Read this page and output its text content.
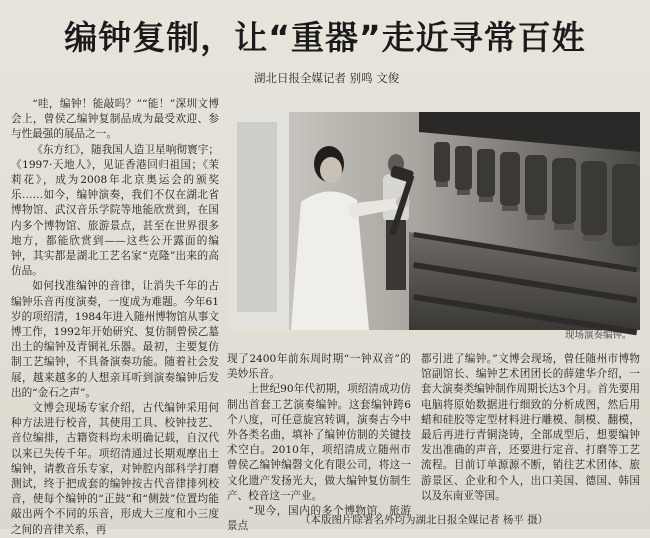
编钟复制，让“重器”走近寻常百姓
湖北日报全媒记者 别鸣 文俊

“哇，编钟！能敲吗？”“能！”深圳文博会上，曾侯乙编钟复制品成为最受欢迎、参与性最强的展品之一。

《东方红》，随我国人造卫星响彻寰宇；《1997·天地人》，见证香港回归祖国；《茉莉花》，成为2008年北京奥运会的颁奖乐……如今，编钟演奏，我们不仅在湖北省博物馆、武汉音乐学院等地能欣赏到，在国内多个博物馆、旅游景点，甚至在世界很多地方，都能欣赏到——这些公开露面的编钟，其实都是湖北工艺名家“克隆”出来的高仿品。

如何找准编钟的音律，让消失千年的古编钟乐音再度演奏，一度成为难题。今年61岁的项绍清，1984年进入随州博物馆从事文博工作，1992年开始研究、复仿制曾侯乙墓出土的编钟及青铜礼乐器。最初，主要复仿制工艺编钟，不具备演奏功能。随着社会发展，越来越多的人想亲耳听到演奏编钟后发出的“金石之声”。

文博会现场专家介绍，古代编钟采用何种方法进行校音，其使用工具、校钟技艺、音位编排，古籍资料均未明确记载，自汉代以来已失传千年。项绍清通过长期观摩出土编钟，请教音乐专家，对钟腔内部科学打磨测试，终于把成套的编钟按古代音律排列校音，使每个编钟的“正鼓”和“侧鼓”位置均能敲出两个不同的乐音，形成大三度和小三度之间的音律关系，再

现场演奏编钟。

现了2400年前东周时期“一钟双音”的美妙乐音。

上世纪90年代初期，项绍清成功仿制出首套工艺演奏编钟。这套编钟跨6个八度，可任意旋宫转调，演奏古今中外各类名曲，填补了编钟仿制的关键技术空白。2010年，项绍清成立随州市曾侯乙编钟编磬文化有限公司，将这一文化遗产发扬光大，做大编钟复仿制生产、校音这一产业。

“现今，国内的多个博物馆、旅游景点

都引进了编钟。”文博会现场，曾任随州市博物馆副馆长、编钟艺术团团长的薛建华介绍，一套大演奏类编钟制作周期长达3个月。首先要用电脑将原始数据进行细致的分析成图，然后用蜡和硅胶等定型材料进行雕模、制模、翻模，最后再进行青铜浇铸，全部成型后，想要编钟发出准确的声音，还要进行定音、打磨等工艺流程。目前订单源源不断，销往艺术团体、旅游景区、企业和个人，出口美国、德国、韩国以及东南亚等国。

（本版图片除署名外均为湖北日报全媒记者 杨平 摄）
